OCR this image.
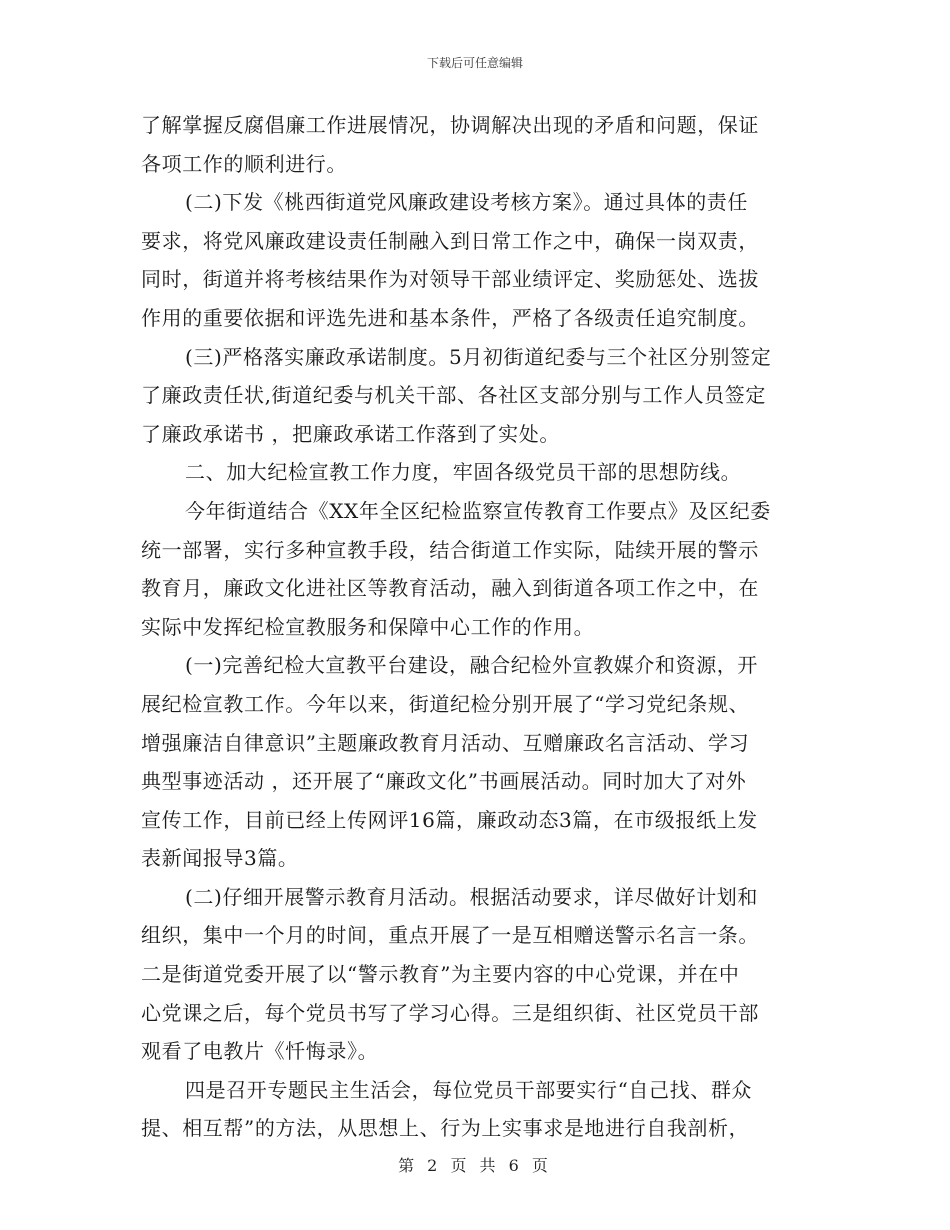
下载后可任意编辑
了解掌握反腐倡廉工作进展情况，协调解决出现的矛盾和问题，保证
各项工作的顺利进行。
(二)下发《桃西街道党风廉政建设考核方案》。通过具体的责任
要求，将党风廉政建设责任制融入到日常工作之中，确保一岗双责，
同时，街道并将考核结果作为对领导干部业绩评定、奖励惩处、选拔
作用的重要依据和评选先进和基本条件，严格了各级责任追究制度。
(三)严格落实廉政承诺制度。5月初街道纪委与三个社区分别签定
了廉政责任状,街道纪委与机关干部、各社区支部分别与工作人员签定
了廉政承诺书 ，把廉政承诺工作落到了实处。
二、加大纪检宣教工作力度，牢固各级党员干部的思想防线。
今年街道结合《XX年全区纪检监察宣传教育工作要点》及区纪委
统一部署，实行多种宣教手段，结合街道工作实际，陆续开展的警示
教育月，廉政文化进社区等教育活动，融入到街道各项工作之中，在
实际中发挥纪检宣教服务和保障中心工作的作用。
(一)完善纪检大宣教平台建设，融合纪检外宣教媒介和资源，开
展纪检宣教工作。今年以来，街道纪检分别开展了“学习党纪条规、
增强廉洁自律意识”主题廉政教育月活动、互赠廉政名言活动、学习
典型事迹活动 ，还开展了“廉政文化”书画展活动。同时加大了对外
宣传工作，目前已经上传网评16篇，廉政动态3篇，在市级报纸上发
表新闻报导3篇。
(二)仔细开展警示教育月活动。根据活动要求，详尽做好计划和
组织，集中一个月的时间，重点开展了一是互相赠送警示名言一条。
二是街道党委开展了以“警示教育”为主要内容的中心党课，并在中
心党课之后，每个党员书写了学习心得。三是组织街、社区党员干部
观看了电教片《忏悔录》。
四是召开专题民主生活会，每位党员干部要实行“自己找、群众
提、相互帮”的方法，从思想上、行为上实事求是地进行自我剖析，
第 2 页 共 6 页
